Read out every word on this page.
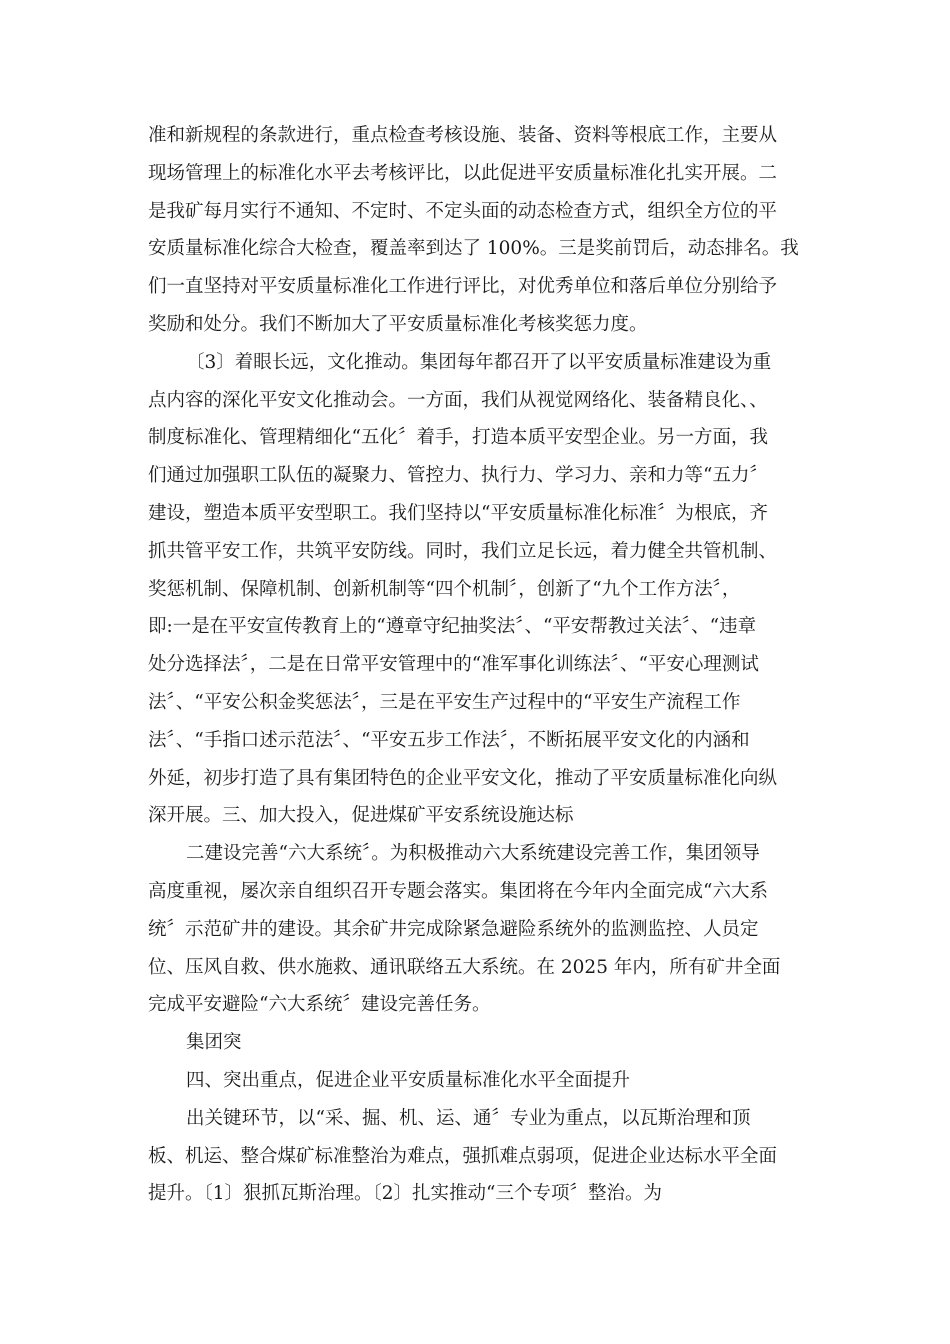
准和新规程的条款进行，重点检查考核设施、装备、资料等根底工作，主要从
现场管理上的标准化水平去考核评比，以此促进平安质量标准化扎实开展。二
是我矿每月实行不通知、不定时、不定头面的动态检查方式，组织全方位的平
安质量标准化综合大检查，覆盖率到达了 100%。三是奖前罚后，动态排名。我
们一直坚持对平安质量标准化工作进行评比，对优秀单位和落后单位分别给予
奖励和处分。我们不断加大了平安质量标准化考核奖惩力度。
〔3〕着眼长远，文化推动。集团每年都召开了以平安质量标准建设为重
点内容的深化平安文化推动会。一方面，我们从视觉网络化、装备精良化、、
制度标准化、管理精细化“五化〞着手，打造本质平安型企业。另一方面，我
们通过加强职工队伍的凝聚力、管控力、执行力、学习力、亲和力等“五力〞
建设，塑造本质平安型职工。我们坚持以“平安质量标准化标准〞为根底，齐
抓共管平安工作，共筑平安防线。同时，我们立足长远，着力健全共管机制、
奖惩机制、保障机制、创新机制等“四个机制〞，创新了“九个工作方法〞，
即:一是在平安宣传教育上的“遵章守纪抽奖法〞、“平安帮教过关法〞、“违章
处分选择法〞，二是在日常平安管理中的“准军事化训练法〞、“平安心理测试
法〞、“平安公积金奖惩法〞，三是在平安生产过程中的“平安生产流程工作
法〞、“手指口述示范法〞、“平安五步工作法〞，不断拓展平安文化的内涵和
外延，初步打造了具有集团特色的企业平安文化，推动了平安质量标准化向纵
深开展。三、加大投入，促进煤矿平安系统设施达标
二建设完善“六大系统〞。为积极推动六大系统建设完善工作，集团领导
高度重视，屡次亲自组织召开专题会落实。集团将在今年内全面完成“六大系
统〞示范矿井的建设。其余矿井完成除紧急避险系统外的监测监控、人员定
位、压风自救、供水施救、通讯联络五大系统。在 2025 年内，所有矿井全面
完成平安避险“六大系统〞建设完善任务。
集团突
四、突出重点，促进企业平安质量标准化水平全面提升
出关键环节，以“采、掘、机、运、通〞专业为重点，以瓦斯治理和顶
板、机运、整合煤矿标准整治为难点，强抓难点弱项，促进企业达标水平全面
提升。〔1〕狠抓瓦斯治理。〔2〕扎实推动“三个专项〞整治。为
